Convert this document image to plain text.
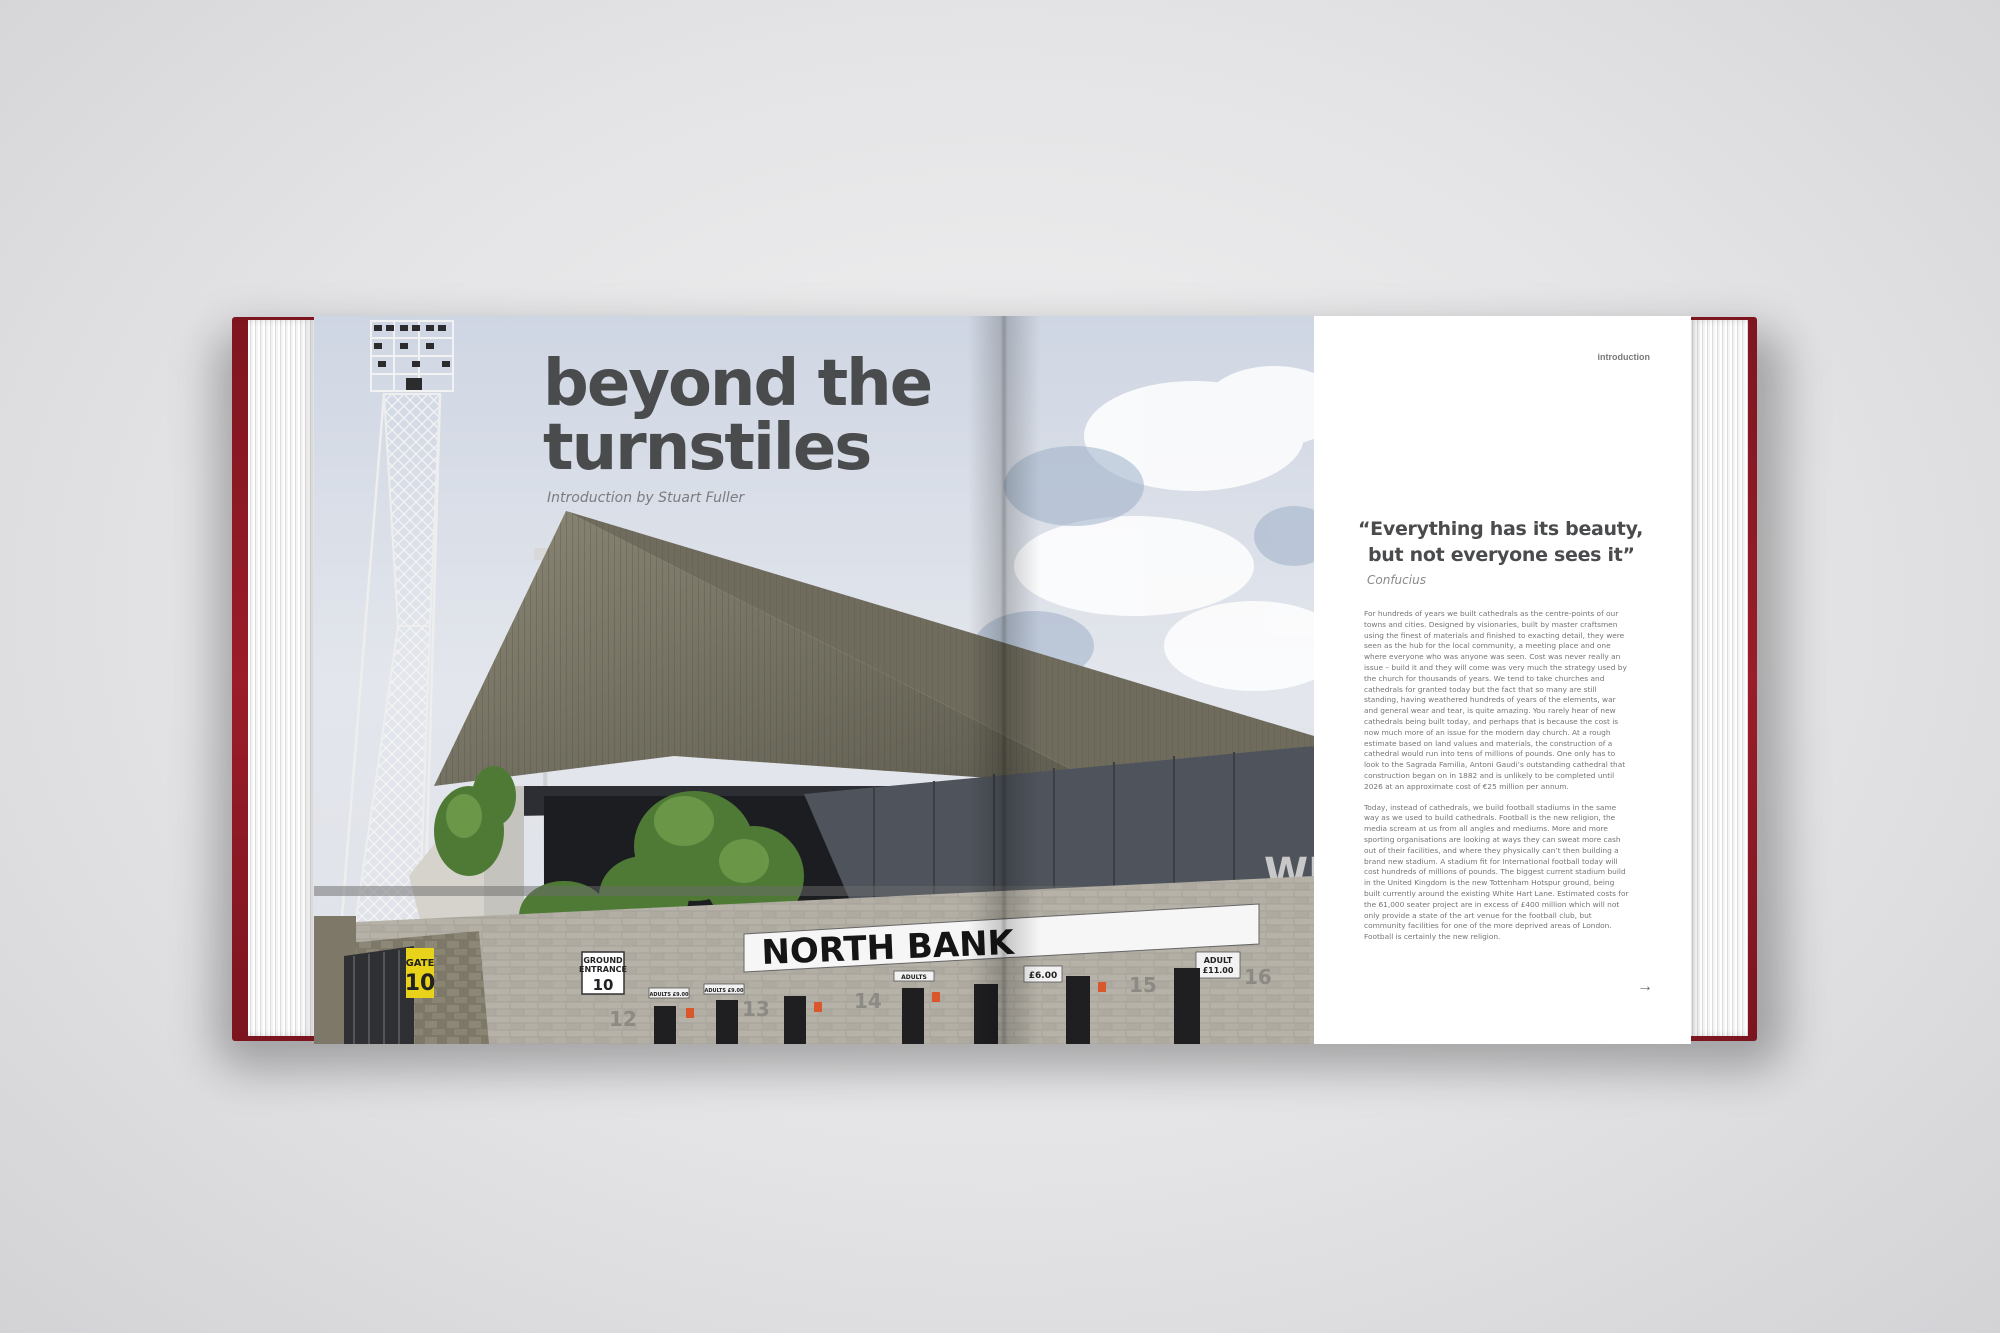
introduction
“Everything has its beauty,
but not everyone sees it”
Confucius

For hundreds of years we built cathedrals as the centre-points of our towns and cities. Designed by visionaries, built by master craftsmen using the finest of materials and finished to exacting detail, they were seen as the hub for the local community, a meeting place and one where everyone who was anyone was seen. Cost was never really an issue – build it and they will come was very much the strategy used by the church for thousands of years. We tend to take churches and cathedrals for granted today but the fact that so many are still standing, having weathered hundreds of years of the elements, war and general wear and tear, is quite amazing. You rarely hear of new cathedrals being built today, and perhaps that is because the cost is now much more of an issue for the modern day church. At a rough estimate based on land values and materials, the construction of a cathedral would run into tens of millions of pounds. One only has to look to the Sagrada Familia, Antoni Gaudi’s outstanding cathedral that construction began on in 1882 and is unlikely to be completed until 2026 at an approximate cost of €25 million per annum.

Today, instead of cathedrals, we build football stadiums in the same way as we used to build cathedrals. Football is the new religion, the media scream at us from all angles and mediums. More and more sporting organisations are looking at ways they can sweat more cash out of their facilities, and where they physically can’t then building a brand new stadium. A stadium fit for International football today will cost hundreds of millions of pounds. The biggest current stadium build in the United Kingdom is the new Tottenham Hotspur ground, being built currently around the existing White Hart Lane. Estimated costs for the 61,000 seater project are in excess of £400 million which will not only provide a state of the art venue for the football club, but community facilities for one of the more deprived areas of London. Football is certainly the new religion.

→
beyond the
turnstiles
Introduction by Stuart Fuller
